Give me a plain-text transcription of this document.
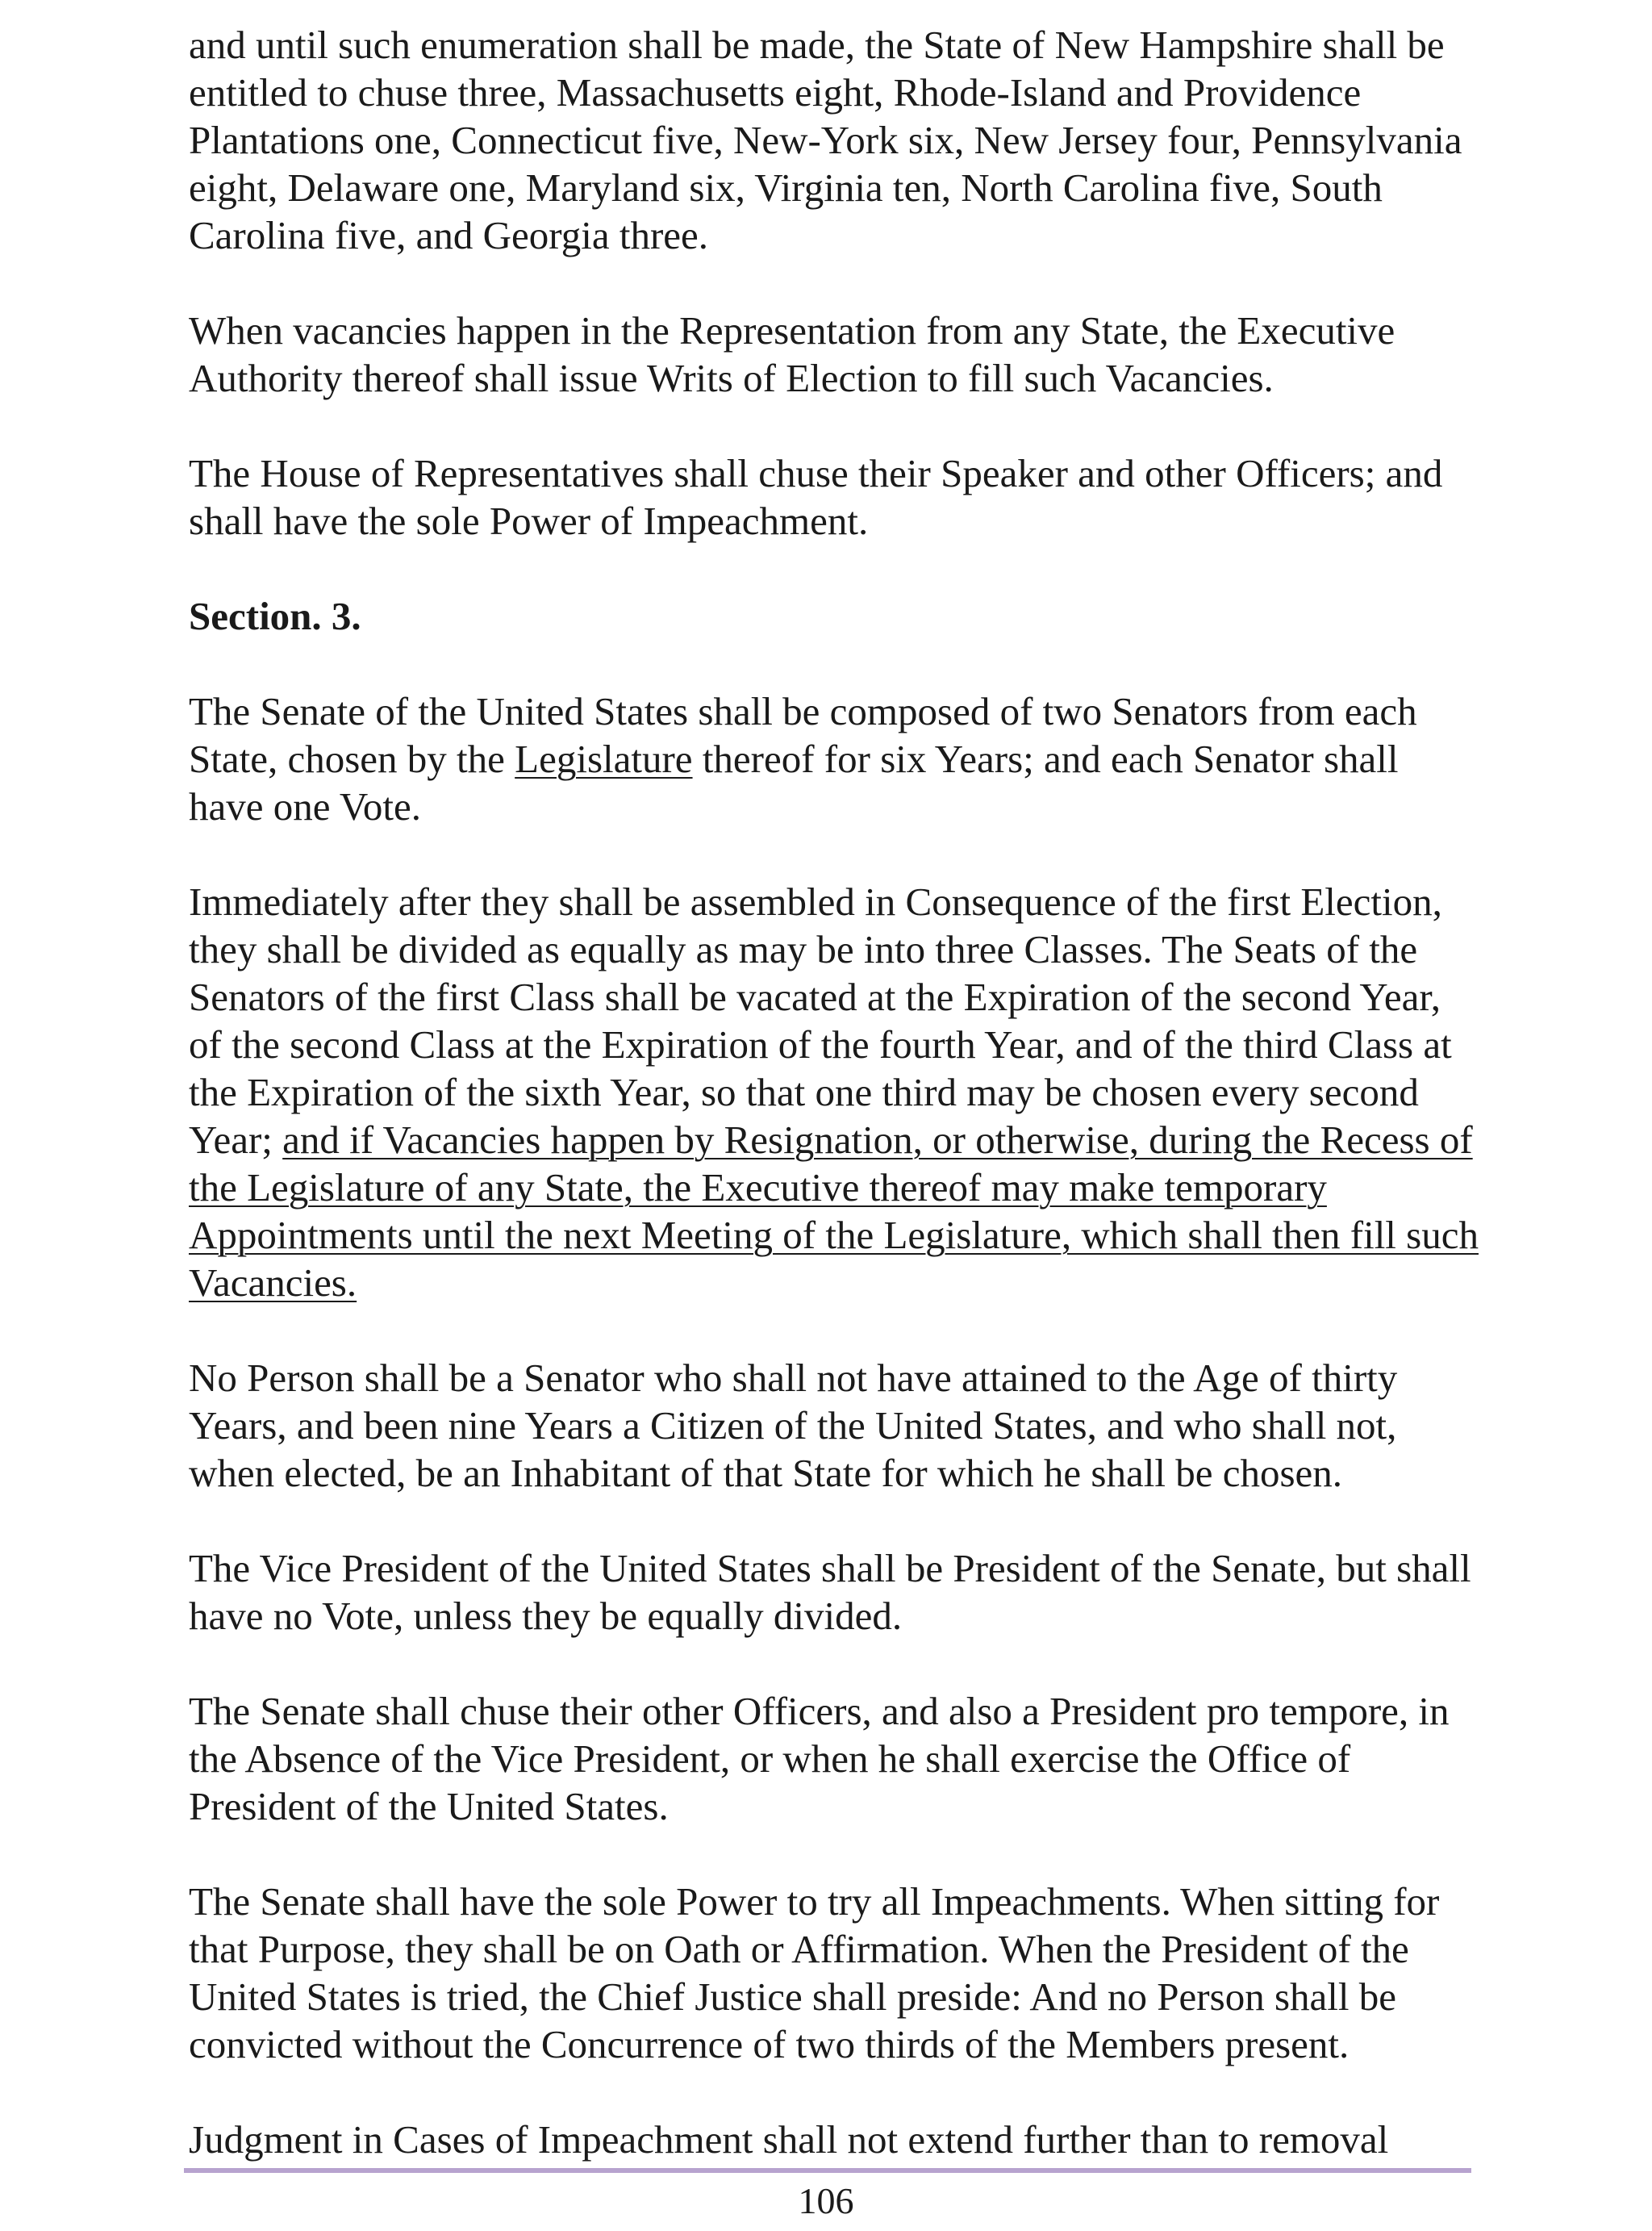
and until such enumeration shall be made, the State of New Hampshire shall be entitled to chuse three, Massachusetts eight, Rhode-Island and Providence Plantations one, Connecticut five, New-York six, New Jersey four, Pennsylvania eight, Delaware one, Maryland six, Virginia ten, North Carolina five, South Carolina five, and Georgia three.

When vacancies happen in the Representation from any State, the Executive Authority thereof shall issue Writs of Election to fill such Vacancies.

The House of Representatives shall chuse their Speaker and other Officers; and shall have the sole Power of Impeachment.

Section. 3.

The Senate of the United States shall be composed of two Senators from each State, chosen by the Legislature thereof for six Years; and each Senator shall have one Vote.

Immediately after they shall be assembled in Consequence of the first Election, they shall be divided as equally as may be into three Classes. The Seats of the Senators of the first Class shall be vacated at the Expiration of the second Year, of the second Class at the Expiration of the fourth Year, and of the third Class at the Expiration of the sixth Year, so that one third may be chosen every second Year; and if Vacancies happen by Resignation, or otherwise, during the Recess of the Legislature of any State, the Executive thereof may make temporary Appointments until the next Meeting of the Legislature, which shall then fill such Vacancies.

No Person shall be a Senator who shall not have attained to the Age of thirty Years, and been nine Years a Citizen of the United States, and who shall not, when elected, be an Inhabitant of that State for which he shall be chosen.

The Vice President of the United States shall be President of the Senate, but shall have no Vote, unless they be equally divided.

The Senate shall chuse their other Officers, and also a President pro tempore, in the Absence of the Vice President, or when he shall exercise the Office of President of the United States.

The Senate shall have the sole Power to try all Impeachments. When sitting for that Purpose, they shall be on Oath or Affirmation. When the President of the United States is tried, the Chief Justice shall preside: And no Person shall be convicted without the Concurrence of two thirds of the Members present.

Judgment in Cases of Impeachment shall not extend further than to removal

106
